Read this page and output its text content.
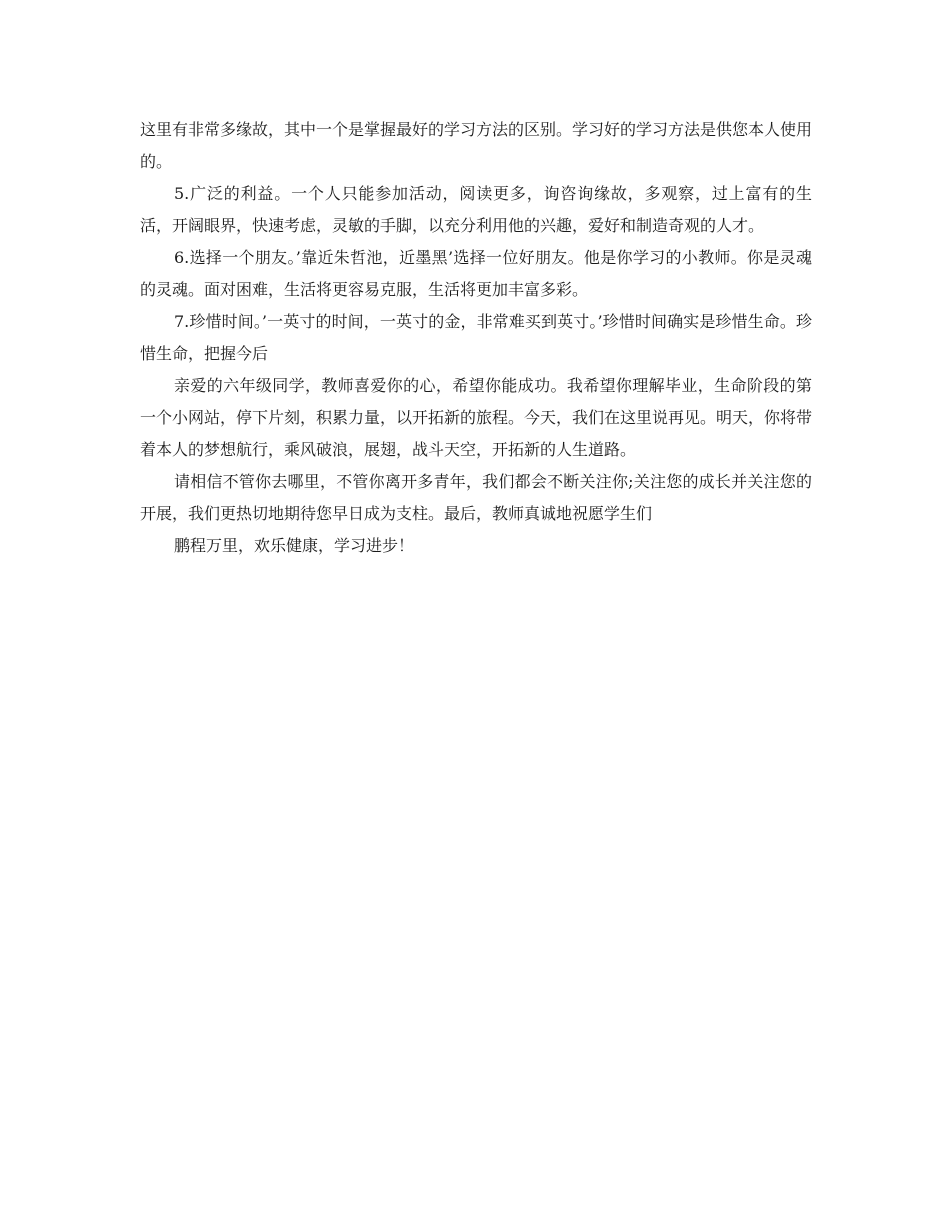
这里有非常多缘故，其中一个是掌握最好的学习方法的区别。学习好的学习方法是供您本人使用的。

5.广泛的利益。一个人只能参加活动，阅读更多，询咨询缘故，多观察，过上富有的生活，开阔眼界，快速考虑，灵敏的手脚，以充分利用他的兴趣，爱好和制造奇观的人才。

6.选择一个朋友。’靠近朱哲池，近墨黑’选择一位好朋友。他是你学习的小教师。你是灵魂的灵魂。面对困难，生活将更容易克服，生活将更加丰富多彩。

7.珍惜时间。’一英寸的时间，一英寸的金，非常难买到英寸。’珍惜时间确实是珍惜生命。珍惜生命，把握今后

亲爱的六年级同学，教师喜爱你的心，希望你能成功。我希望你理解毕业，生命阶段的第一个小网站，停下片刻，积累力量，以开拓新的旅程。今天，我们在这里说再见。明天，你将带着本人的梦想航行，乘风破浪，展翅，战斗天空，开拓新的人生道路。

请相信不管你去哪里，不管你离开多青年，我们都会不断关注你;关注您的成长并关注您的开展，我们更热切地期待您早日成为支柱。最后，教师真诚地祝愿学生们

鹏程万里，欢乐健康，学习进步！
